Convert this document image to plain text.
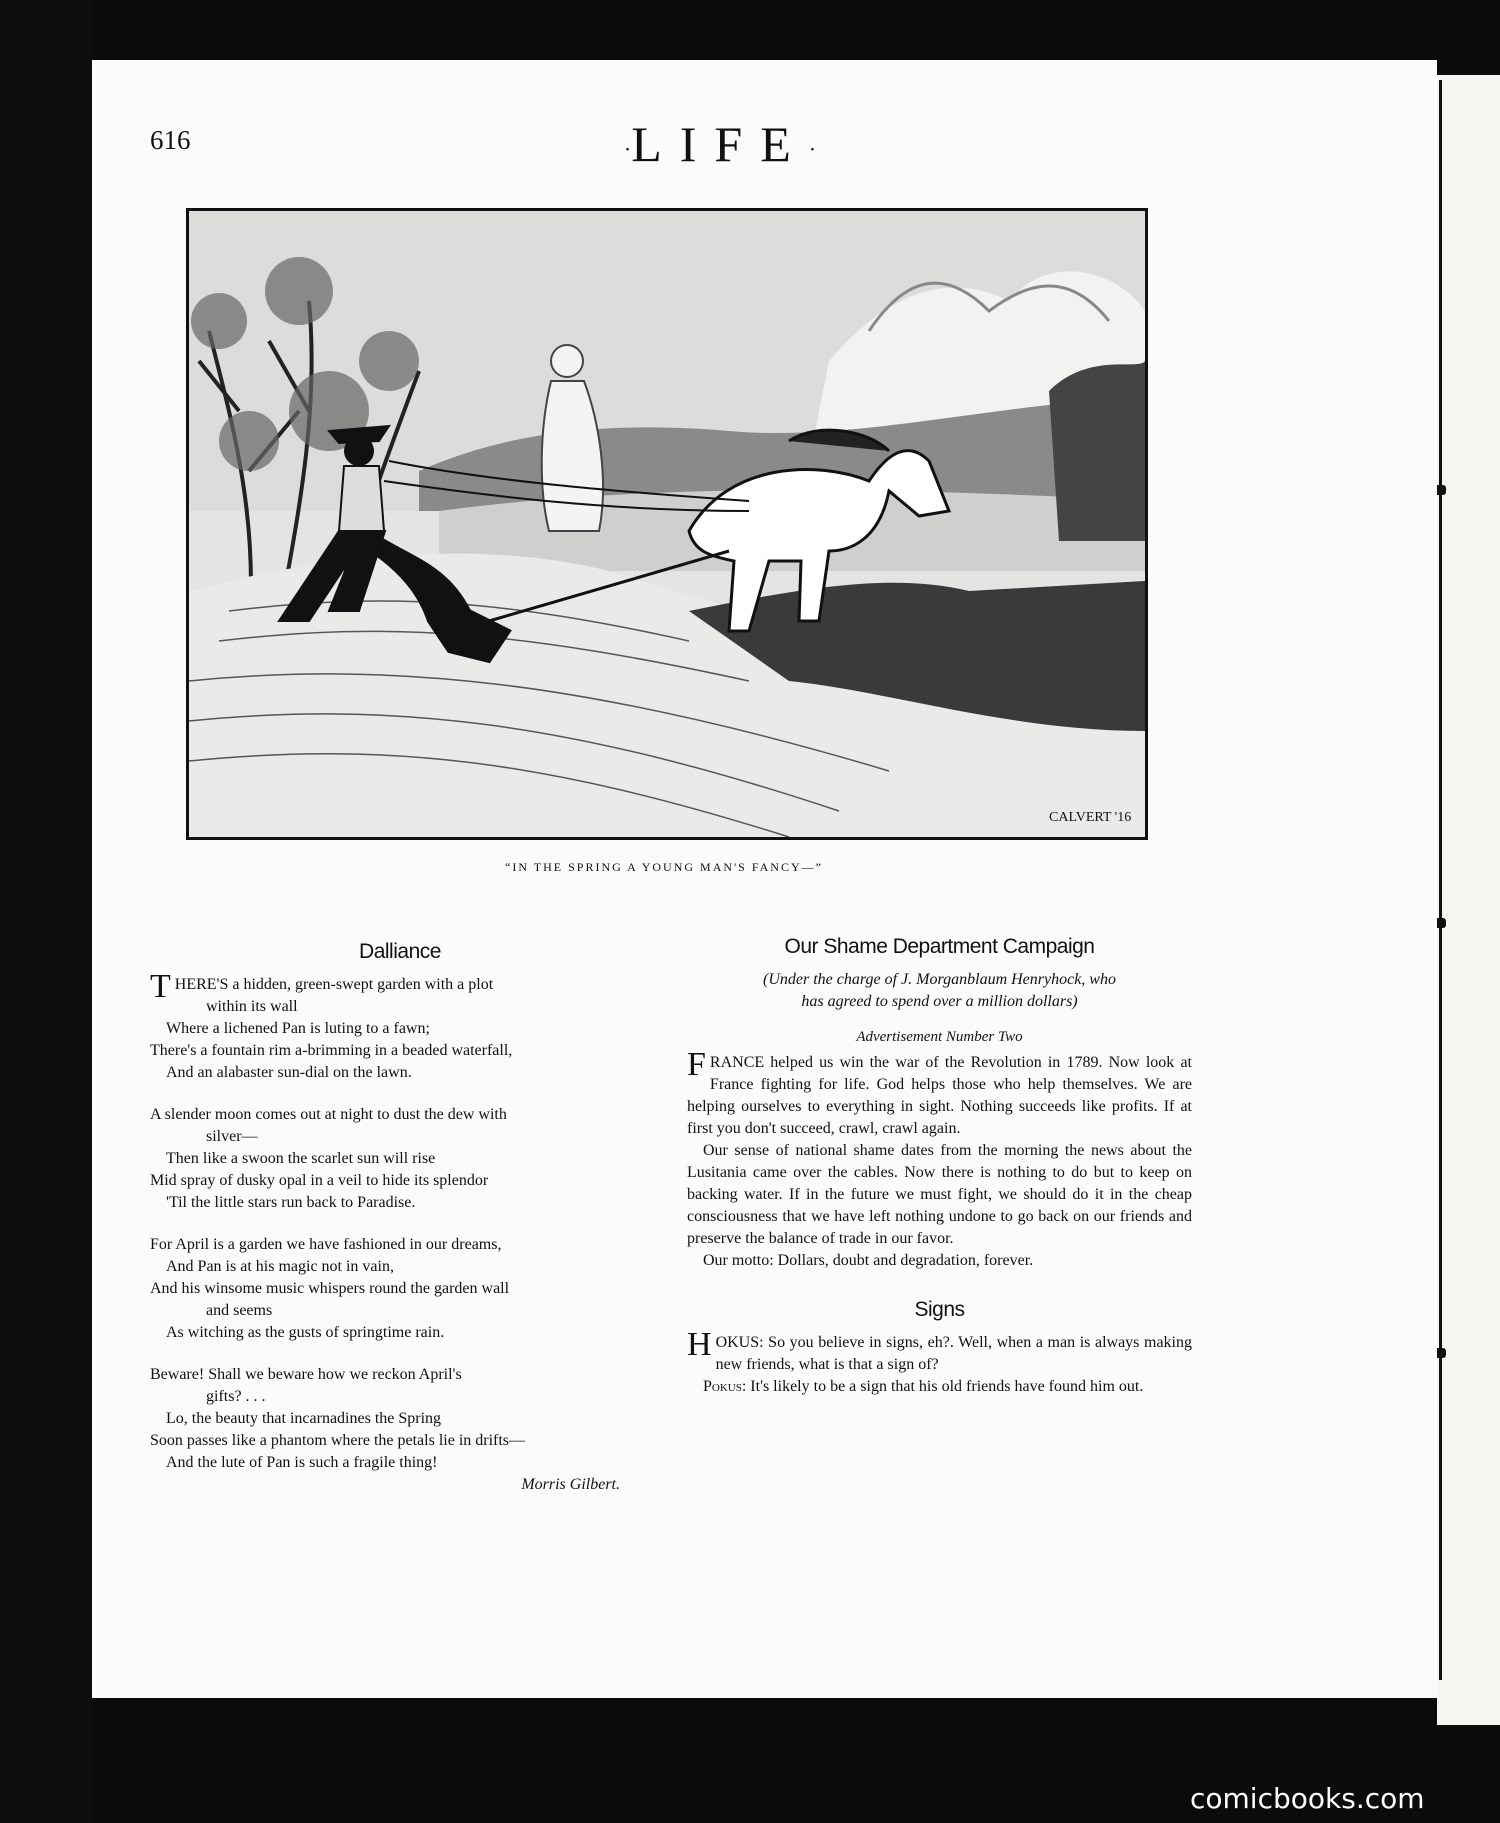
616	·LIFE·
CALVERT '16
“IN THE SPRING A YOUNG MAN'S FANCY—”
Dalliance
THERE'S a hidden, green-swept garden with a plot
within its wall
Where a lichened Pan is luting to a fawn;
There's a fountain rim a-brimming in a beaded waterfall,
And an alabaster sun-dial on the lawn.
A slender moon comes out at night to dust the dew with
silver—
Then like a swoon the scarlet sun will rise
Mid spray of dusky opal in a veil to hide its splendor
'Til the little stars run back to Paradise.
For April is a garden we have fashioned in our dreams,
And Pan is at his magic not in vain,
And his winsome music whispers round the garden wall
and seems
As witching as the gusts of springtime rain.
Beware! Shall we beware how we reckon April's
gifts? . . .
Lo, the beauty that incarnadines the Spring
Soon passes like a phantom where the petals lie in drifts—
And the lute of Pan is such a fragile thing!
Morris Gilbert.
Our Shame Department Campaign
(Under the charge of J. Morganblaum Henryhock, who
has agreed to spend over a million dollars)
Advertisement Number Two

FRANCE helped us win the war of the Revolution in 1789. Now look at France fighting for life. God helps those who help themselves. We are helping ourselves to everything in sight. Nothing succeeds like profits. If at first you don't succeed, crawl, crawl again.

Our sense of national shame dates from the morning the news about the Lusitania came over the cables. Now there is nothing to do but to keep on backing water. If in the future we must fight, we should do it in the cheap consciousness that we have left nothing undone to go back on our friends and preserve the balance of trade in our favor.

Our motto: Dollars, doubt and degradation, forever.

Signs

HOKUS: So you believe in signs, eh?. Well, when a man is always making new friends, what is that a sign of?

Pokus: It's likely to be a sign that his old friends have found him out.

comicbooks.com
